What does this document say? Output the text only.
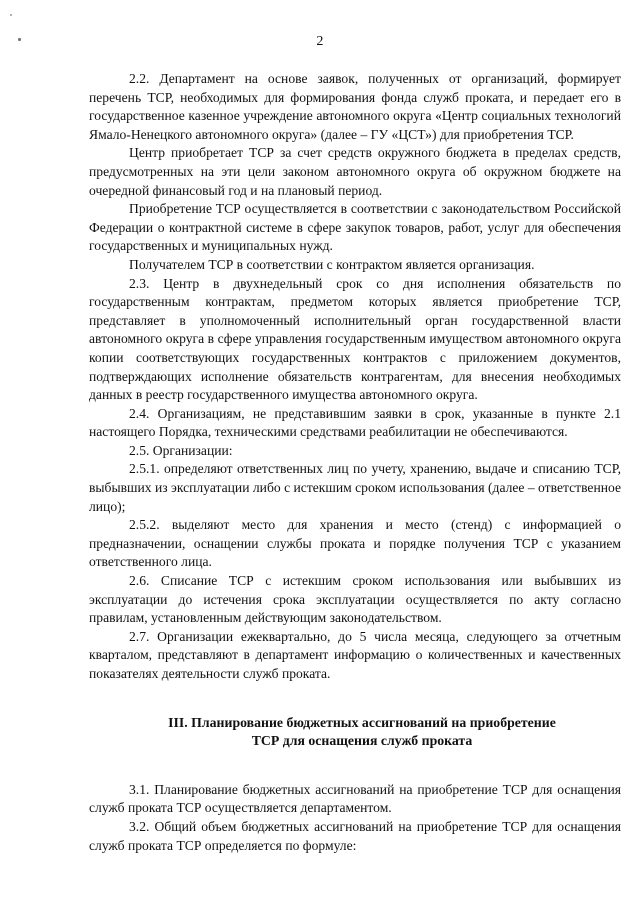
2

2.2. Департамент на основе заявок, полученных от организаций, формирует перечень ТСР, необходимых для формирования фонда служб проката, и передает его в государственное казенное учреждение автономного округа «Центр социальных технологий Ямало-Ненецкого автономного округа» (далее – ГУ «ЦСТ») для приобретения ТСР.

Центр приобретает ТСР за счет средств окружного бюджета в пределах средств, предусмотренных на эти цели законом автономного округа об окружном бюджете на очередной финансовый год и на плановый период.

Приобретение ТСР осуществляется в соответствии с законодательством Российской Федерации о контрактной системе в сфере закупок товаров, работ, услуг для обеспечения государственных и муниципальных нужд.

Получателем ТСР в соответствии с контрактом является организация.

2.3. Центр в двухнедельный срок со дня исполнения обязательств по государственным контрактам, предметом которых является приобретение ТСР, представляет в уполномоченный исполнительный орган государственной власти автономного округа в сфере управления государственным имуществом автономного округа копии соответствующих государственных контрактов с приложением документов, подтверждающих исполнение обязательств контрагентам, для внесения необходимых данных в реестр государственного имущества автономного округа.

2.4. Организациям, не представившим заявки в срок, указанные в пункте 2.1 настоящего Порядка, техническими средствами реабилитации не обеспечиваются.

2.5. Организации:

2.5.1. определяют ответственных лиц по учету, хранению, выдаче и списанию ТСР, выбывших из эксплуатации либо с истекшим сроком использования (далее – ответственное лицо);

2.5.2. выделяют место для хранения и место (стенд) с информацией о предназначении, оснащении службы проката и порядке получения ТСР с указанием ответственного лица.

2.6. Списание ТСР с истекшим сроком использования или выбывших из эксплуатации до истечения срока эксплуатации осуществляется по акту согласно правилам, установленным действующим законодательством.

2.7. Организации ежеквартально, до 5 числа месяца, следующего за отчетным кварталом, представляют в департамент информацию о количественных и качественных показателях деятельности служб проката.

III. Планирование бюджетных ассигнований на приобретение
ТСР для оснащения служб проката

3.1. Планирование бюджетных ассигнований на приобретение ТСР для оснащения служб проката ТСР осуществляется департаментом.

3.2. Общий объем бюджетных ассигнований на приобретение ТСР для оснащения служб проката ТСР определяется по формуле:
